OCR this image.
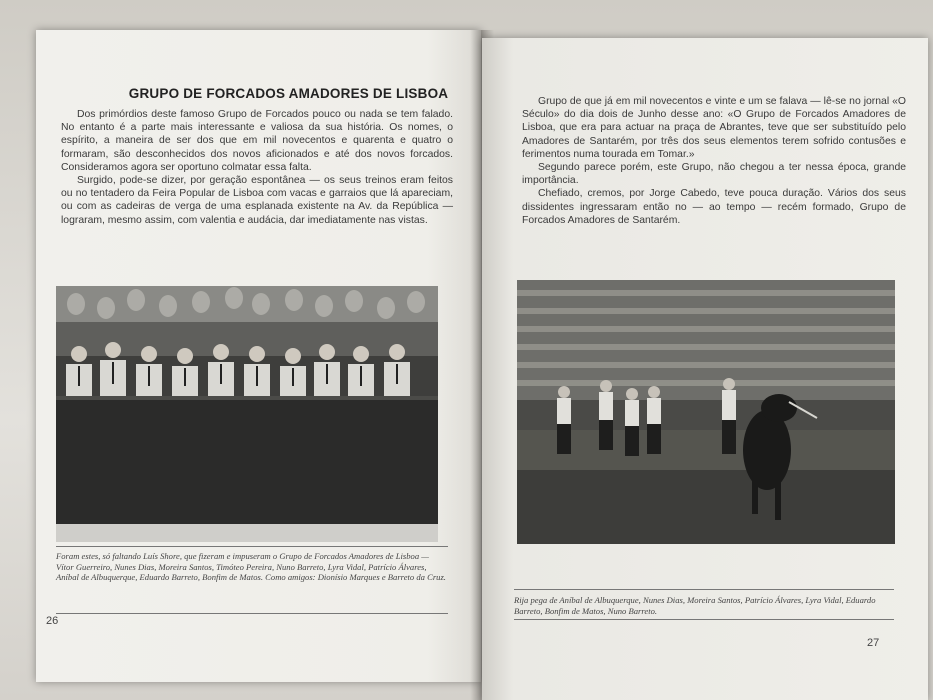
GRUPO DE FORCADOS AMADORES DE LISBOA

Dos primórdios deste famoso Grupo de Forcados pouco ou nada se tem falado. No entanto é a parte mais interessante e valiosa da sua história. Os nomes, o espírito, a maneira de ser dos que em mil novecentos e quarenta e quatro o formaram, são desconhecidos dos novos aficionados e até dos novos forcados. Consideramos agora ser oportuno colmatar essa falta.

Surgido, pode-se dizer, por geração espontânea — os seus treinos eram feitos ou no tentadero da Feira Popular de Lisboa com vacas e garraios que lá apareciam, ou com as cadeiras de verga de uma esplanada existente na Av. da República — lograram, mesmo assim, com valentia e audácia, dar imediatamente nas vistas.

Foram estes, só faltando Luís Shore, que fizeram e impuseram o Grupo de Forcados Amadores de Lisboa — Vítor Guerreiro, Nunes Dias, Moreira Santos, Timóteo Pereira, Nuno Barreto, Lyra Vidal, Patrício Álvares, Aníbal de Albuquerque, Eduardo Barreto, Bonfim de Matos. Como amigos: Dionísio Marques e Barreto da Cruz.
26

Grupo de que já em mil novecentos e vinte e um se falava — lê-se no jornal «O Século» do dia dois de Junho desse ano: «O Grupo de Forcados Amadores de Lisboa, que era para actuar na praça de Abrantes, teve que ser substituído pelo Amadores de Santarém, por três dos seus elementos terem sofrido contusões e ferimentos numa tourada em Tomar.»

Segundo parece porém, este Grupo, não chegou a ter nessa época, grande importância.

Chefiado, cremos, por Jorge Cabedo, teve pouca duração. Vários dos seus dissidentes ingressaram então no — ao tempo — recém formado, Grupo de Forcados Amadores de Santarém.

Rija pega de Aníbal de Albuquerque, Nunes Dias, Moreira Santos, Patrício Álvares, Lyra Vidal, Eduardo Barreto, Bonfim de Matos, Nuno Barreto.
27
